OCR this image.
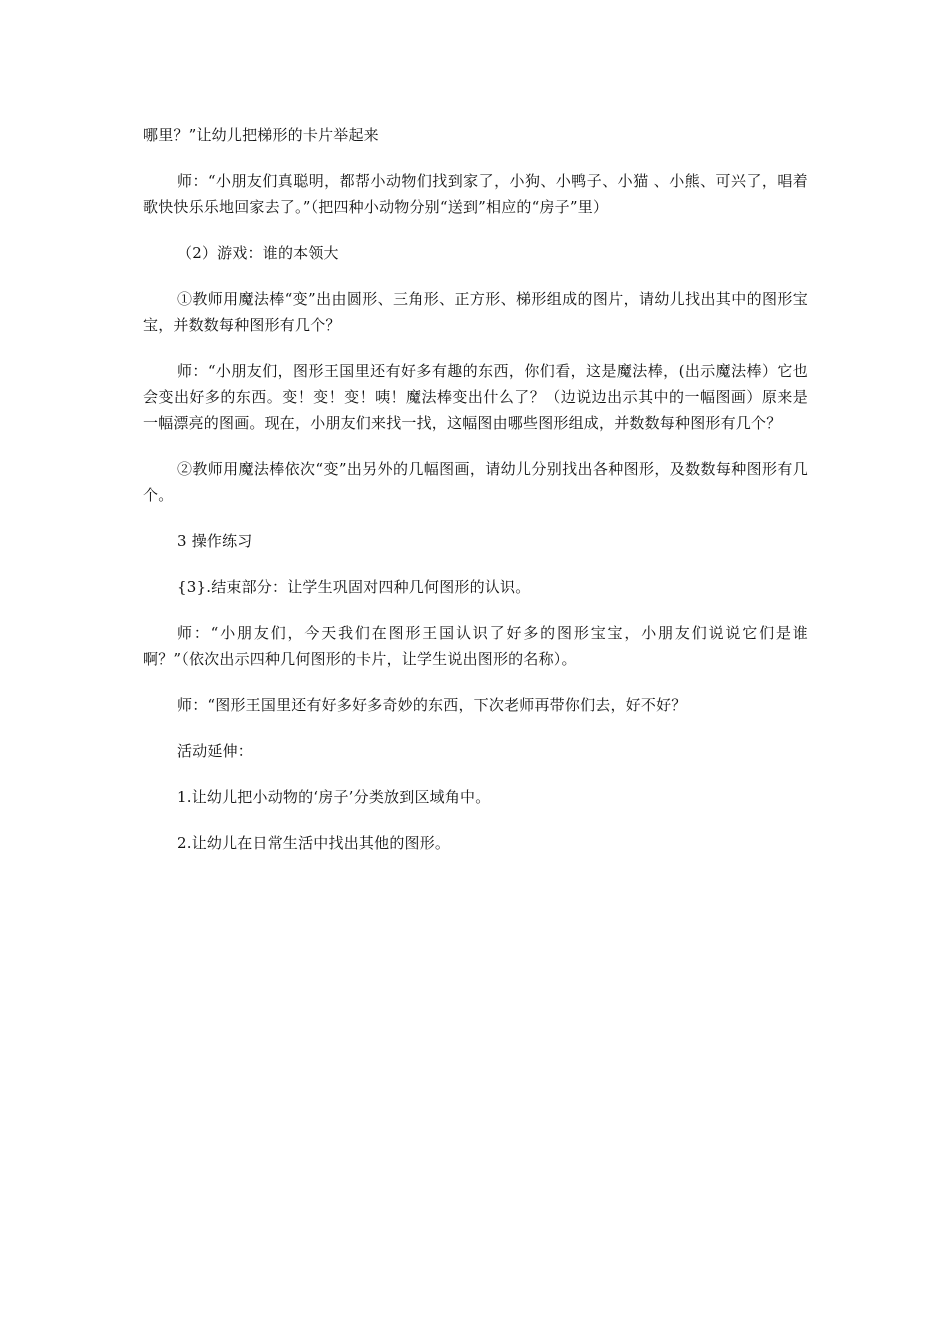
哪里？”让幼儿把梯形的卡片举起来

师：“小朋友们真聪明，都帮小动物们找到家了，小狗、小鸭子、小猫 、小熊、可兴了，唱着歌快快乐乐地回家去了。”（把四种小动物分别“送到”相应的“房子”里）

（2）游戏：谁的本领大

①教师用魔法棒“变”出由圆形、三角形、正方形、梯形组成的图片，请幼儿找出其中的图形宝宝，并数数每种图形有几个？

师：“小朋友们，图形王国里还有好多有趣的东西，你们看，这是魔法棒，(出示魔法棒）它也会变出好多的东西。变！变！变！咦！魔法棒变出什么了？（边说边出示其中的一幅图画）原来是一幅漂亮的图画。现在，小朋友们来找一找，这幅图由哪些图形组成，并数数每种图形有几个？

②教师用魔法棒依次“变”出另外的几幅图画，请幼儿分别找出各种图形，及数数每种图形有几个。

3 操作练习

{3}.结束部分：让学生巩固对四种几何图形的认识。

师：“小朋友们，今天我们在图形王国认识了好多的图形宝宝，小朋友们说说它们是谁啊？”（依次出示四种几何图形的卡片，让学生说出图形的名称）。

师：“图形王国里还有好多好多奇妙的东西，下次老师再带你们去，好不好？

活动延伸：

1.让幼儿把小动物的‘房子’分类放到区域角中。

2.让幼儿在日常生活中找出其他的图形。
